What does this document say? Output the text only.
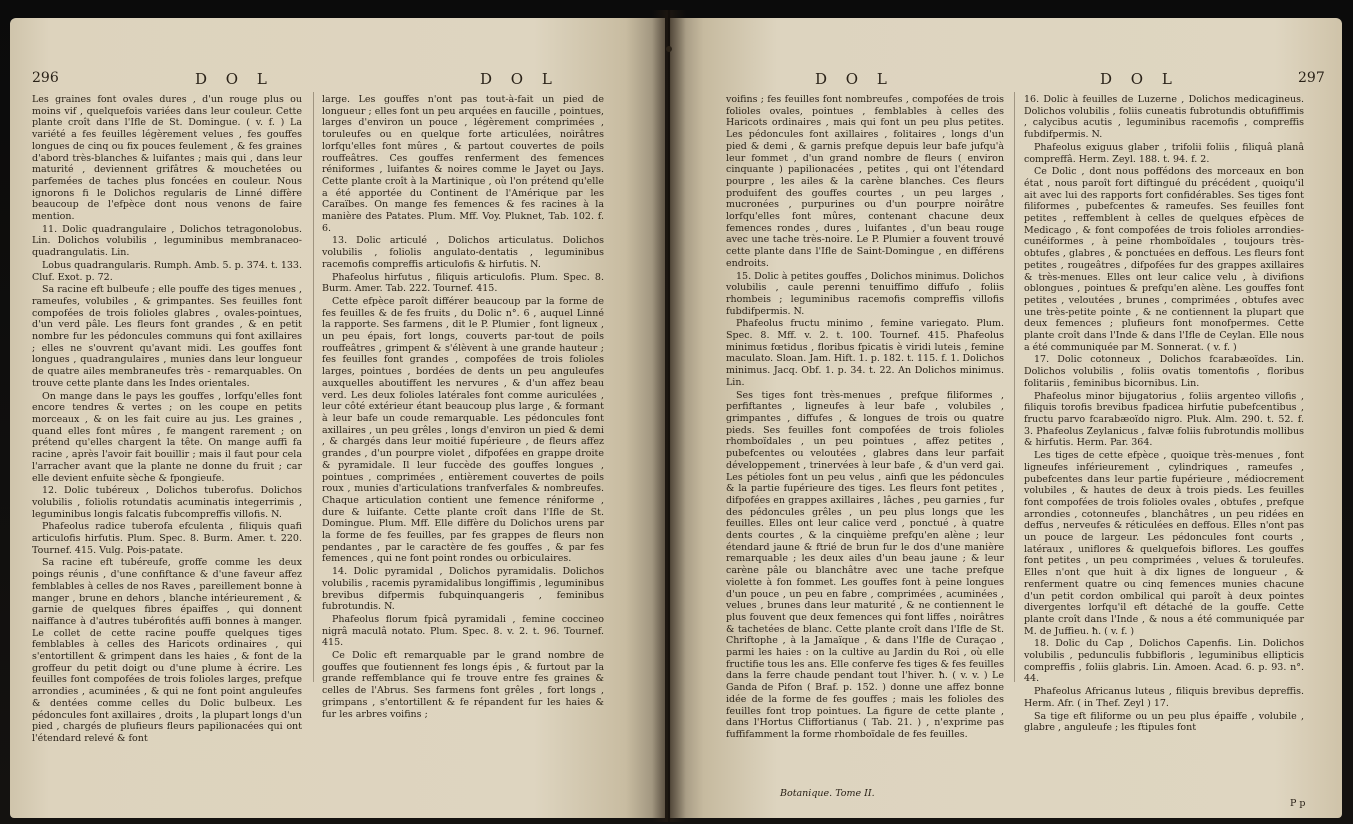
296	D O L	D O L

Les graines font ovales dures , d'un rouge plus ou moins vif , quelquefois variées dans leur couleur. Cette plante croît dans l'Ifle de St. Domingue. ( v. f. ) La variété a fes feuilles légèrement velues , fes gouffes longues de cinq ou fix pouces feulement , & fes graines d'abord très-blanches & luifantes ; mais qui , dans leur maturité , deviennent grifâtres & mouchetées ou parfemées de taches plus foncées en couleur. Nous ignorons fi le Dolichos regularis de Linné diffère beaucoup de l'efpèce dont nous venons de faire mention.

11. Dolic quadrangulaire , Dolichos tetragonolobus. Lin. Dolichos volubilis , leguminibus membranaceo-quadrangulatis. Lin.

Lobus quadrangularis. Rumph. Amb. 5. p. 374. t. 133. Cluf. Exot. p. 72.

Sa racine eft bulbeufe ; elle pouffe des tiges menues , rameufes, volubiles , & grimpantes. Ses feuilles font compofées de trois folioles glabres , ovales-pointues, d'un verd pâle. Les fleurs font grandes , & en petit nombre fur les pédoncules communs qui font axillaires ; elles ne s'ouvrent qu'avant midi. Les gouffes font longues , quadrangulaires , munies dans leur longueur de quatre ailes membraneufes très - remarquables. On trouve cette plante dans les Indes orientales.

On mange dans le pays les gouffes , lorfqu'elles font encore tendres & vertes ; on les coupe en petits morceaux , & on les fait cuire au jus. Les graines , quand elles font mûres , fe mangent rarement ; on prétend qu'elles chargent la tête. On mange auffi fa racine , après l'avoir fait bouillir ; mais il faut pour cela l'arracher avant que la plante ne donne du fruit ; car elle devient enfuite sèche & fpongieufe.

12. Dolic tubéreux , Dolichos tuberofus. Dolichos volubilis , foliolis rotundatis acuminatis integerrimis , leguminibus longis falcatis fubcompreffis villofis. N.

Phafeolus radice tuberofa efculenta , filiquis quafi articulofis hirfutis. Plum. Spec. 8. Burm. Amer. t. 220. Tournef. 415. Vulg. Pois-patate.

Sa racine eft tubéreufe, groffe comme les deux poings réunis , d'une confiftance & d'une faveur affez femblables à celles de nos Raves , pareillement bonne à manger , brune en dehors , blanche intérieurement , & garnie de quelques fibres épaiffes , qui donnent naiffance à d'autres tubérofités auffi bonnes à manger. Le collet de cette racine pouffe quelques tiges femblables à celles des Haricots ordinaires , qui s'entortillent & grimpent dans les haies , & font de la groffeur du petit doigt ou d'une plume à écrire. Les feuilles font compofées de trois folioles larges, prefque arrondies , acuminées , & qui ne font point anguleufes & dentées comme celles du Dolic bulbeux. Les pédoncules font axillaires , droits , la plupart longs d'un pied , chargés de plufieurs fleurs papilionacées qui ont l'étendard relevé & font

large. Les gouffes n'ont pas tout-à-fait un pied de longueur ; elles font un peu arquées en faucille , pointues, larges d'environ un pouce , légèrement comprimées , toruleufes ou en quelque forte articulées, noirâtres lorfqu'elles font mûres , & partout couvertes de poils rouffeâtres. Ces gouffes renferment des femences réniformes , luifantes & noires comme le Jayet ou Jays. Cette plante croît à la Martinique , où l'on prétend qu'elle a été apportée du Continent de l'Amérique par les Caraïbes. On mange fes femences & fes racines à la manière des Patates. Plum. Mff. Voy. Pluknet, Tab. 102. f. 6.

13. Dolic articulé , Dolichos articulatus. Dolichos volubilis , foliolis angulato-dentatis , leguminibus racemofis compreffis articulofis & hirfutis. N.

Phafeolus hirfutus , filiquis articulofis. Plum. Spec. 8. Burm. Amer. Tab. 222. Tournef. 415.

Cette efpèce paroît différer beaucoup par la forme de fes feuilles & de fes fruits , du Dolic n°. 6 , auquel Linné la rapporte. Ses farmens , dit le P. Plumier , font ligneux , un peu épais, fort longs, couverts par-tout de poils rouffeâtres , grimpent & s'élèvent à une grande hauteur ; fes feuilles font grandes , compofées de trois folioles larges, pointues , bordées de dents un peu anguleufes auxquelles aboutiffent les nervures , & d'un affez beau verd. Les deux folioles latérales font comme auriculées , leur côté extérieur étant beaucoup plus large , & formant à leur bafe un coude remarquable. Les pédoncules font axillaires , un peu grêles , longs d'environ un pied & demi , & chargés dans leur moitié fupérieure , de fleurs affez grandes , d'un pourpre violet , difpofées en grappe droite & pyramidale. Il leur fuccède des gouffes longues , pointues , comprimées , entièrement couvertes de poils roux , munies d'articulations tranfverfales & nombreufes. Chaque articulation contient une femence réniforme , dure & luifante. Cette plante croît dans l'Ifle de St. Domingue. Plum. Mff. Elle diffère du Dolichos urens par la forme de fes feuilles, par fes grappes de fleurs non pendantes , par le caractère de fes gouffes , & par fes femences , qui ne font point rondes ou orbiculaires.

14. Dolic pyramidal , Dolichos pyramidalis. Dolichos volubilis , racemis pyramidalibus longiffimis , leguminibus brevibus difpermis fubquinquangeris , feminibus fubrotundis. N.

Phafeolus florum fpicâ pyramidali , femine coccineo nigrâ maculâ notato. Plum. Spec. 8. v. 2. t. 96. Tournef. 415.

Ce Dolic eft remarquable par le grand nombre de gouffes que foutiennent fes longs épis , & furtout par la grande reffemblance qui fe trouve entre fes graines & celles de l'Abrus. Ses farmens font grêles , fort longs , grimpans , s'entortillent & fe répandent fur les haies & fur les arbres voifins ;

D O L	D O L	297

voifins ; fes feuilles font nombreufes , compofées de trois folioles ovales, pointues , femblables à celles des Haricots ordinaires , mais qui font un peu plus petites. Les pédoncules font axillaires , folitaires , longs d'un pied & demi , & garnis prefque depuis leur bafe jufqu'à leur fommet , d'un grand nombre de fleurs ( environ cinquante ) papilionacées , petites , qui ont l'étendard pourpre , les ailes & la carène blanches. Ces fleurs produifent des gouffes courtes , un peu larges , mucronées , purpurines ou d'un pourpre noirâtre lorfqu'elles font mûres, contenant chacune deux femences rondes , dures , luifantes , d'un beau rouge avec une tache très-noire. Le P. Plumier a fouvent trouvé cette plante dans l'Ifle de Saint-Domingue , en différens endroits.

15. Dolic à petites gouffes , Dolichos minimus. Dolichos volubilis , caule perenni tenuiffimo diffufo , foliis rhombeis ; leguminibus racemofis compreffis villofis fubdifpermis. N.

Phafeolus fructu minimo , femine variegato. Plum. Spec. 8. Mff. v. 2. t. 100. Tournef. 415. Phafeolus minimus fœtidus , floribus fpicatis è viridi luteis , femine maculato. Sloan. Jam. Hift. 1. p. 182. t. 115. f. 1. Dolichos minimus. Jacq. Obf. 1. p. 34. t. 22. An Dolichos minimus. Lin.

Ses tiges font très-menues , prefque filiformes , perfiftantes , ligneufes à leur bafe , volubiles , grimpantes , diffufes , & longues de trois ou quatre pieds. Ses feuilles font compofées de trois folioles rhomboïdales , un peu pointues , affez petites , pubefcentes ou veloutées , glabres dans leur parfait développement , trinervées à leur bafe , & d'un verd gai. Les pétioles font un peu velus , ainfi que les pédoncules & la partie fupérieure des tiges. Les fleurs font petites , difpofées en grappes axillaires , lâches , peu garnies , fur des pédoncules grêles , un peu plus longs que les feuilles. Elles ont leur calice verd , ponctué , à quatre dents courtes , & la cinquième prefqu'en alène ; leur étendard jaune & ftrié de brun fur le dos d'une manière remarquable ; les deux ailes d'un beau jaune ; & leur carène pâle ou blanchâtre avec une tache prefque violette à fon fommet. Les gouffes font à peine longues d'un pouce , un peu en fabre , comprimées , acuminées , velues , brunes dans leur maturité , & ne contiennent le plus fouvent que deux femences qui font liffes , noirâtres & tachetées de blanc. Cette plante croît dans l'Ifle de St. Chriftophe , à la Jamaïque , & dans l'Ifle de Curaçao , parmi les haies : on la cultive au Jardin du Roi , où elle fructifie tous les ans. Elle conferve fes tiges & fes feuilles dans la ferre chaude pendant tout l'hiver. ħ. ( v. v. ) Le Ganda de Pifon ( Braf. p. 152. ) donne une affez bonne idée de la forme de fes gouffes ; mais les folioles des feuilles font trop pointues. La figure de cette plante , dans l'Hortus Cliffortianus ( Tab. 21. ) , n'exprime pas fuffifamment la forme rhomboïdale de fes feuilles.

Botanique. Tome II.

16. Dolic à feuilles de Luzerne , Dolichos medicagineus. Dolichos volubilis , foliis cuneatis fubrotundis obtufiffimis , calycibus acutis , leguminibus racemofis , compreffis fubdifpermis. N.

Phafeolus exiguus glaber , trifolii foliis , filiquâ planâ compreffâ. Herm. Zeyl. 188. t. 94. f. 2.

Ce Dolic , dont nous poffédons des morceaux en bon état , nous paroît fort diftingué du précédent , quoiqu'il ait avec lui des rapports fort confidérables. Ses tiges font filiformes , pubefcentes & rameufes. Ses feuilles font petites , reffemblent à celles de quelques efpèces de Medicago , & font compofées de trois folioles arrondies-cunéiformes , à peine rhomboïdales , toujours très-obtufes , glabres , & ponctuées en deffous. Les fleurs font petites , rougeâtres , difpofées fur des grappes axillaires & très-menues. Elles ont leur calice velu , à divifions oblongues , pointues & prefqu'en alène. Les gouffes font petites , veloutées , brunes , comprimées , obtufes avec une très-petite pointe , & ne contiennent la plupart que deux femences ; plufieurs font monofpermes. Cette plante croît dans l'Inde & dans l'Ifle de Ceylan. Elle nous a été communiquée par M. Sonnerat. ( v. f. )

17. Dolic cotonneux , Dolichos fcarabæoïdes. Lin. Dolichos volubilis , foliis ovatis tomentofis , floribus folitariis , feminibus bicornibus. Lin.

Phafeolus minor bijugatorius , foliis argenteo villofis , filiquis torofis brevibus fpadicea hirfutie pubefcentibus , fructu parvo fcarabæoïdo nigro. Pluk. Alm. 290. t. 52. f. 3. Phafeolus Zeylanicus , falvæ foliis fubrotundis mollibus & hirfutis. Herm. Par. 364.

Les tiges de cette efpèce , quoique très-menues , font ligneufes inférieurement , cylindriques , rameufes , pubefcentes dans leur partie fupérieure , médiocrement volubiles , & hautes de deux à trois pieds. Les feuilles font compofées de trois folioles ovales , obtufes , prefque arrondies , cotonneufes , blanchâtres , un peu ridées en deffus , nerveufes & réticulées en deffous. Elles n'ont pas un pouce de largeur. Les pédoncules font courts , latéraux , uniflores & quelquefois biflores. Les gouffes font petites , un peu comprimées , velues & toruleufes. Elles n'ont que huit à dix lignes de longueur , & renferment quatre ou cinq femences munies chacune d'un petit cordon ombilical qui paroît à deux pointes divergentes lorfqu'il eft détaché de la gouffe. Cette plante croît dans l'Inde , & nous a été communiquée par M. de Juffieu. ħ. ( v. f. )

18. Dolic du Cap , Dolichos Capenfis. Lin. Dolichos volubilis , pedunculis fubbifloris , leguminibus ellipticis compreffis , foliis glabris. Lin. Amoen. Acad. 6. p. 93. n°. 44.

Phafeolus Africanus luteus , filiquis brevibus depreffis. Herm. Afr. ( in Thef. Zeyl ) 17.

Sa tige eft filiforme ou un peu plus épaiffe , volubile , glabre , anguleufe ; les ftipules font

P p
